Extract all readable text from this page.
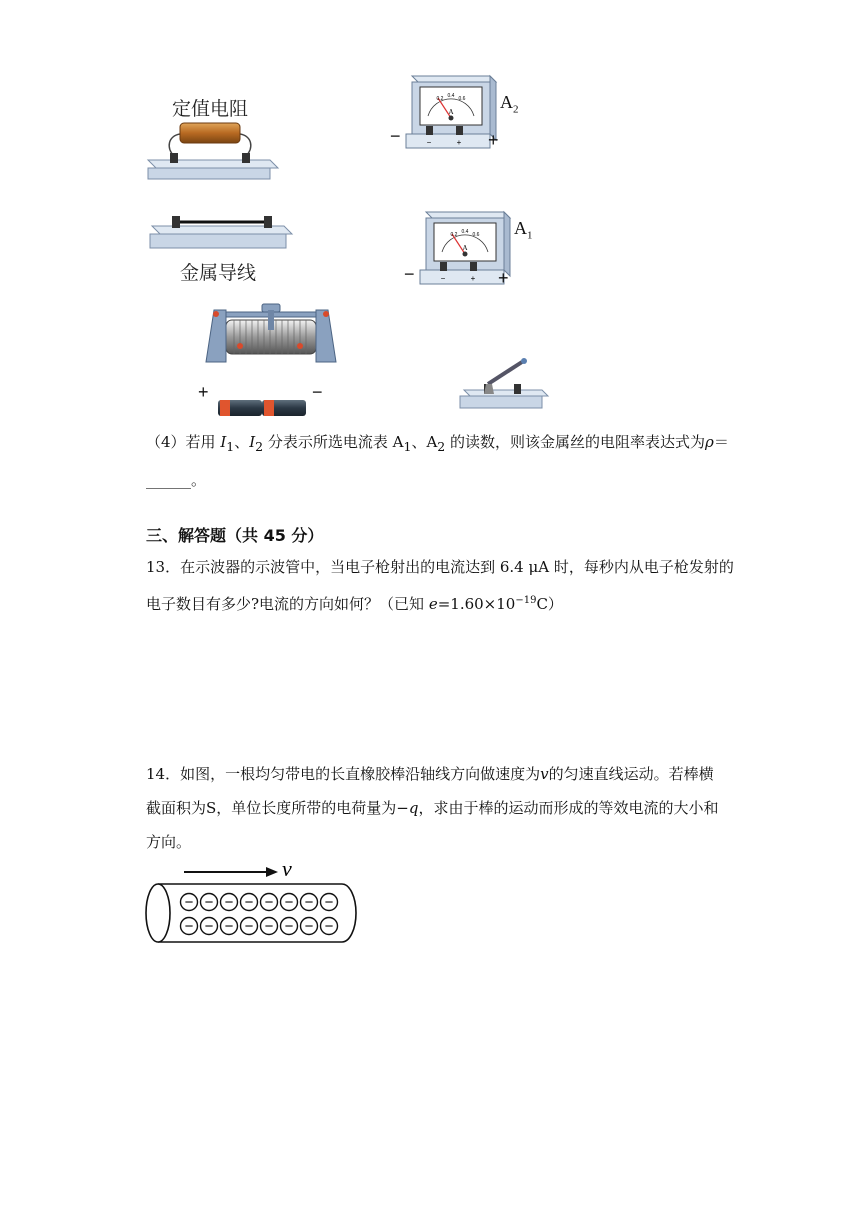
定值电阻
−
A
0.2 0.4 0.6
−	+ +
$A_2$
金属导线	−
A
0.2 0.4 0.6
−	+ +
$A_1$
+	−
（4）若用 $I_1$、$I_2$ 分表示所选电流表 $A_1$、$A_2$ 的读数，则该金属丝的电阻率表达式为ρ＝
______。
三、解答题（共 45 分）
13．在示波器的示波管中，当电子枪射出的电流达到 6.4 μA 时，每秒内从电子枪发射的
电子数目有多少?电流的方向如何？（已知 $e=1.60\times 10^{-19}C$）
14．如图，一根均匀带电的长直橡胶棒沿轴线方向做速度为v的匀速直线运动。若棒横
截面积为S，单位长度所带的电荷量为−q，求由于棒的运动而形成的等效电流的大小和
方向。
v
− − − − − − − −
− − − − − − − −
